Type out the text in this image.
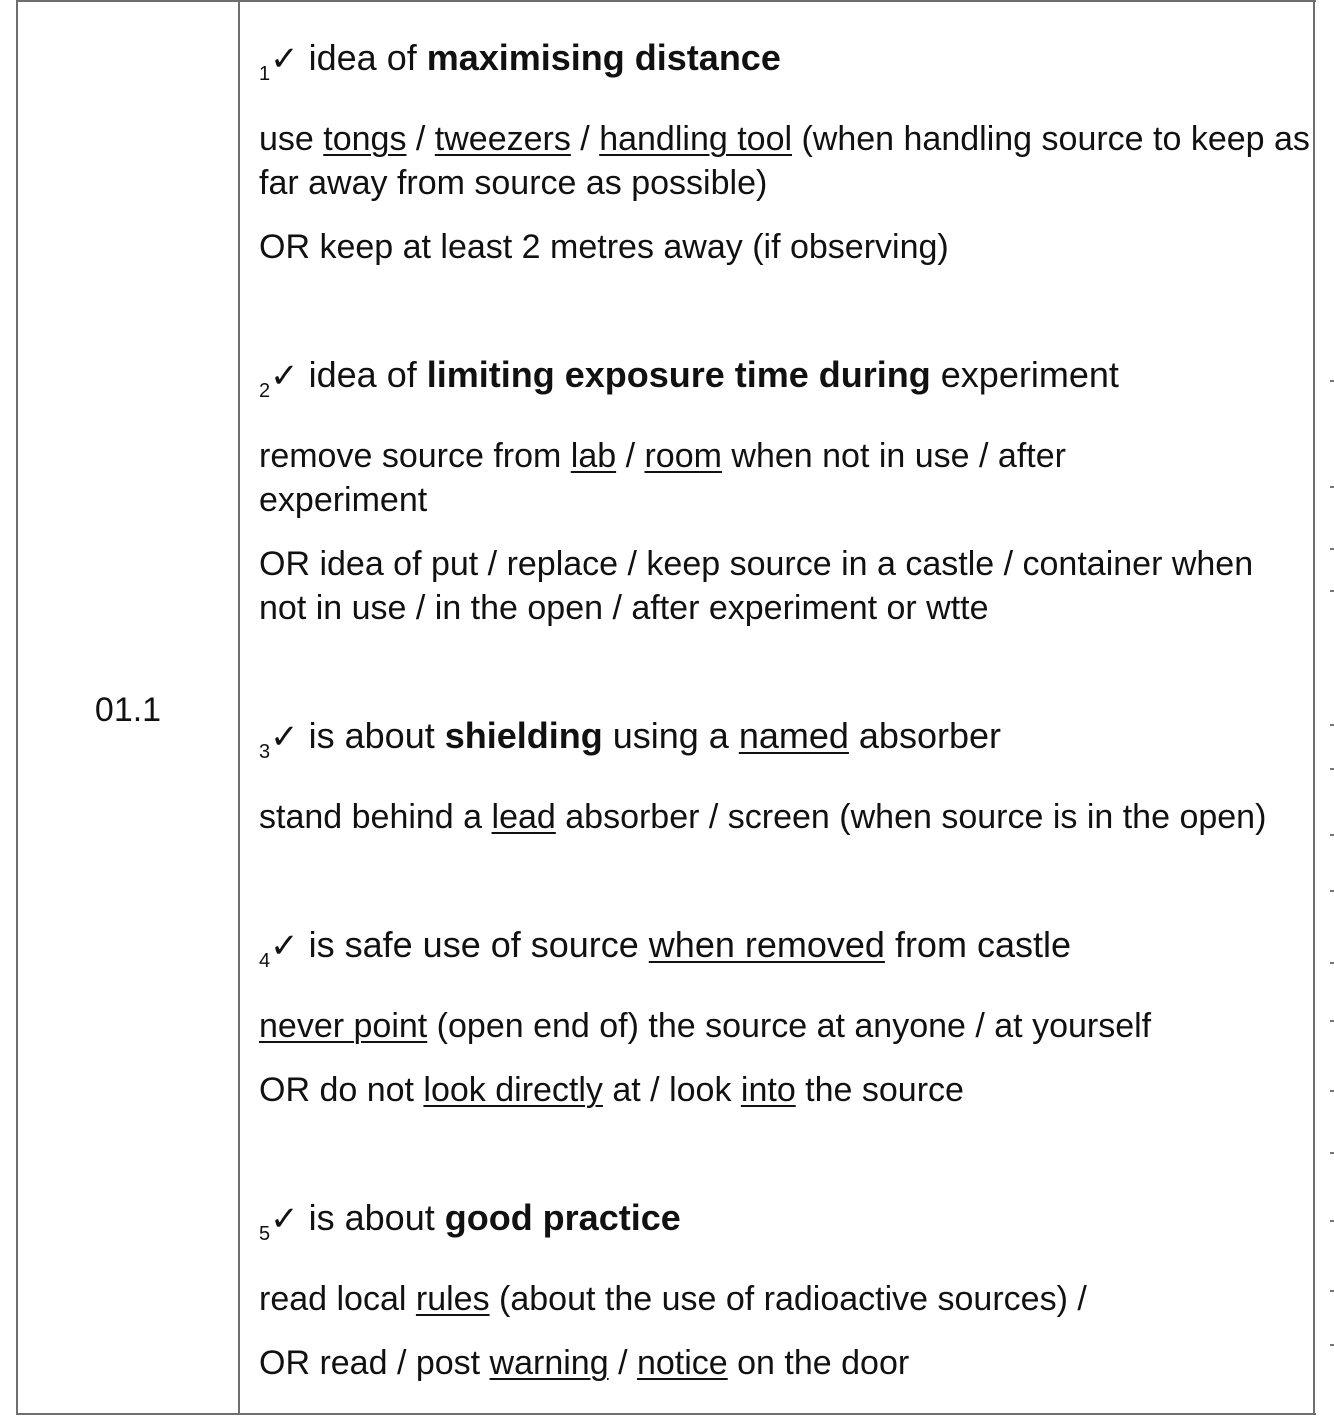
01.1
$_1$✓ idea of maximising distance

use tongs / tweezers / handling tool (when handling source to keep as far away from source as possible)

OR keep at least 2 metres away (if observing)

$_2$✓ idea of limiting exposure time during experiment

remove source from lab / room when not in use / after experiment

OR idea of put / replace / keep source in a castle / container when not in use / in the open / after experiment or wtte

$_3$✓ is about shielding using a named absorber

stand behind a lead absorber / screen (when source is in the open)

$_4$✓ is safe use of source when removed from castle

never point (open end of) the source at anyone / at yourself

OR do not look directly at / look into the source

$_5$✓ is about good practice

read local rules (about the use of radioactive sources) /

OR read / post warning / notice on the door
